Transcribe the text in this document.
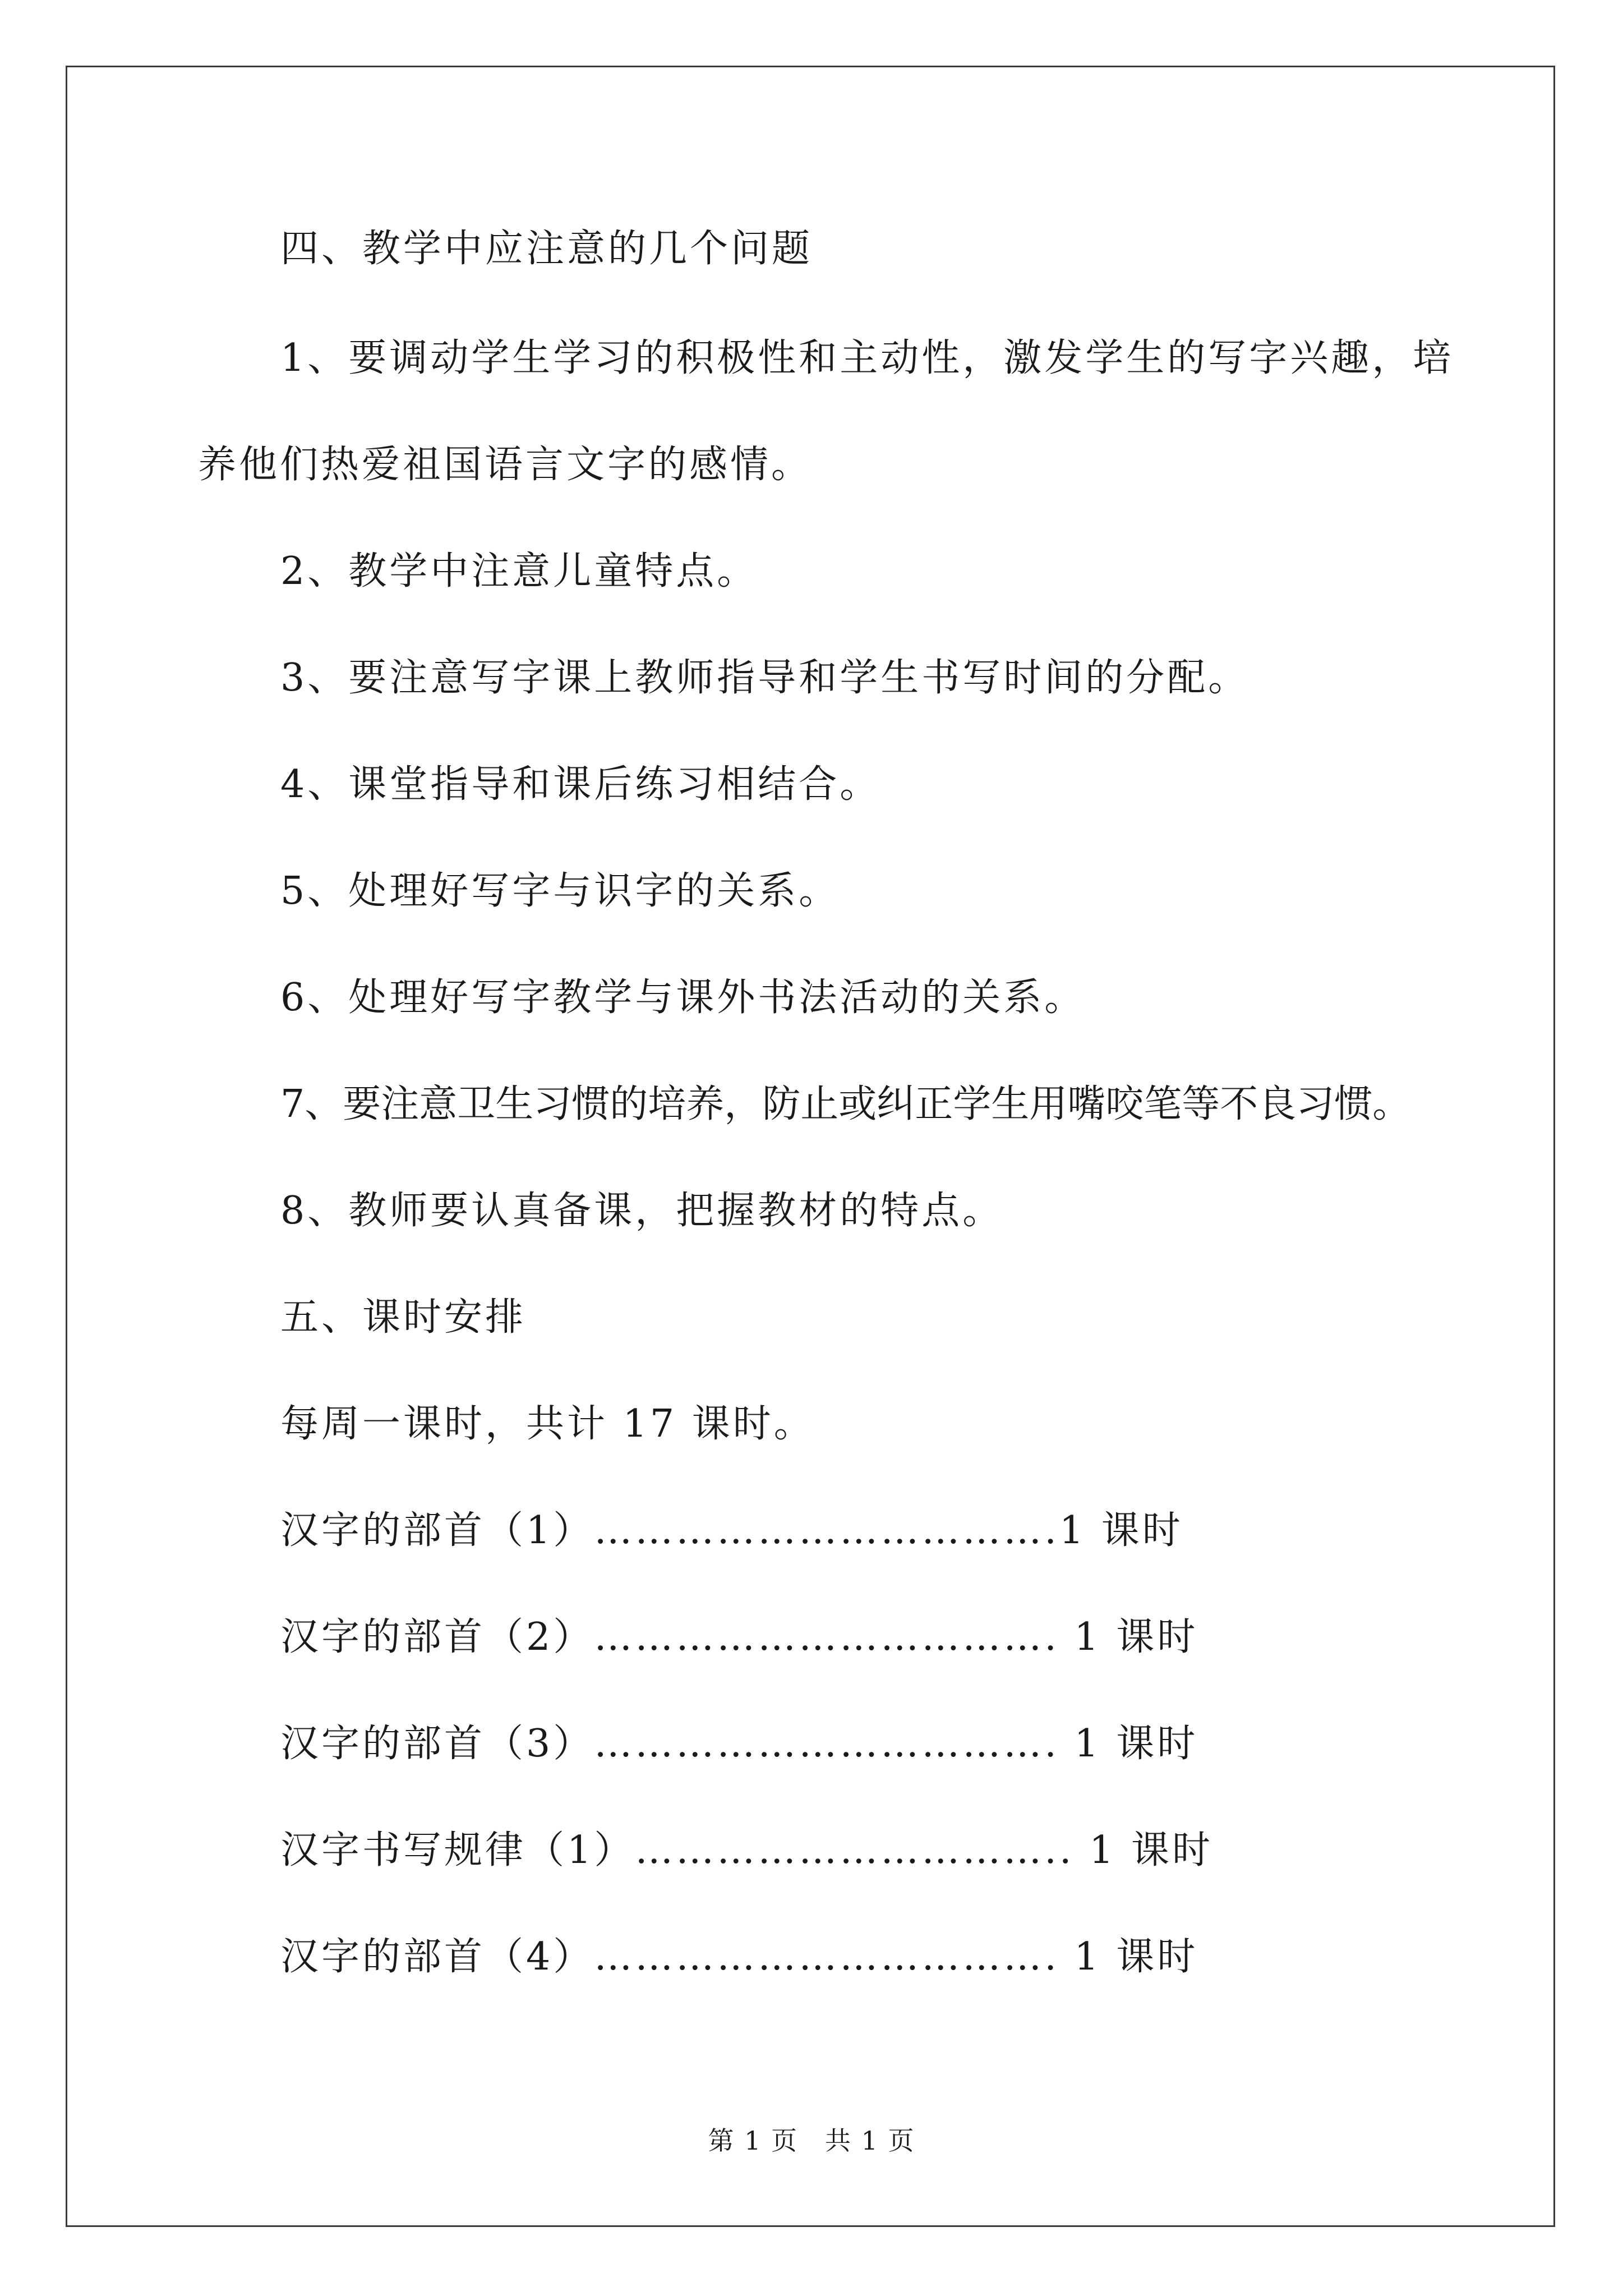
四、教学中应注意的几个问题
1、要调动学生学习的积极性和主动性，激发学生的写字兴趣，培
养他们热爱祖国语言文字的感情。
2、教学中注意儿童特点。
3、要注意写字课上教师指导和学生书写时间的分配。
4、课堂指导和课后练习相结合。
5、处理好写字与识字的关系。
6、处理好写字教学与课外书法活动的关系。
7、要注意卫生习惯的培养，防止或纠正学生用嘴咬笔等不良习惯。
8、教师要认真备课，把握教材的特点。
五、课时安排
每周一课时，共计 17 课时。
汉字的部首（1）…………………………….1 课时
汉字的部首（2）……………………………. 1 课时
汉字的部首（3）……………………………. 1 课时
汉字书写规律（1）………………………….. 1 课时
汉字的部首（4）……………………………. 1 课时
第 1 页 共 1 页
